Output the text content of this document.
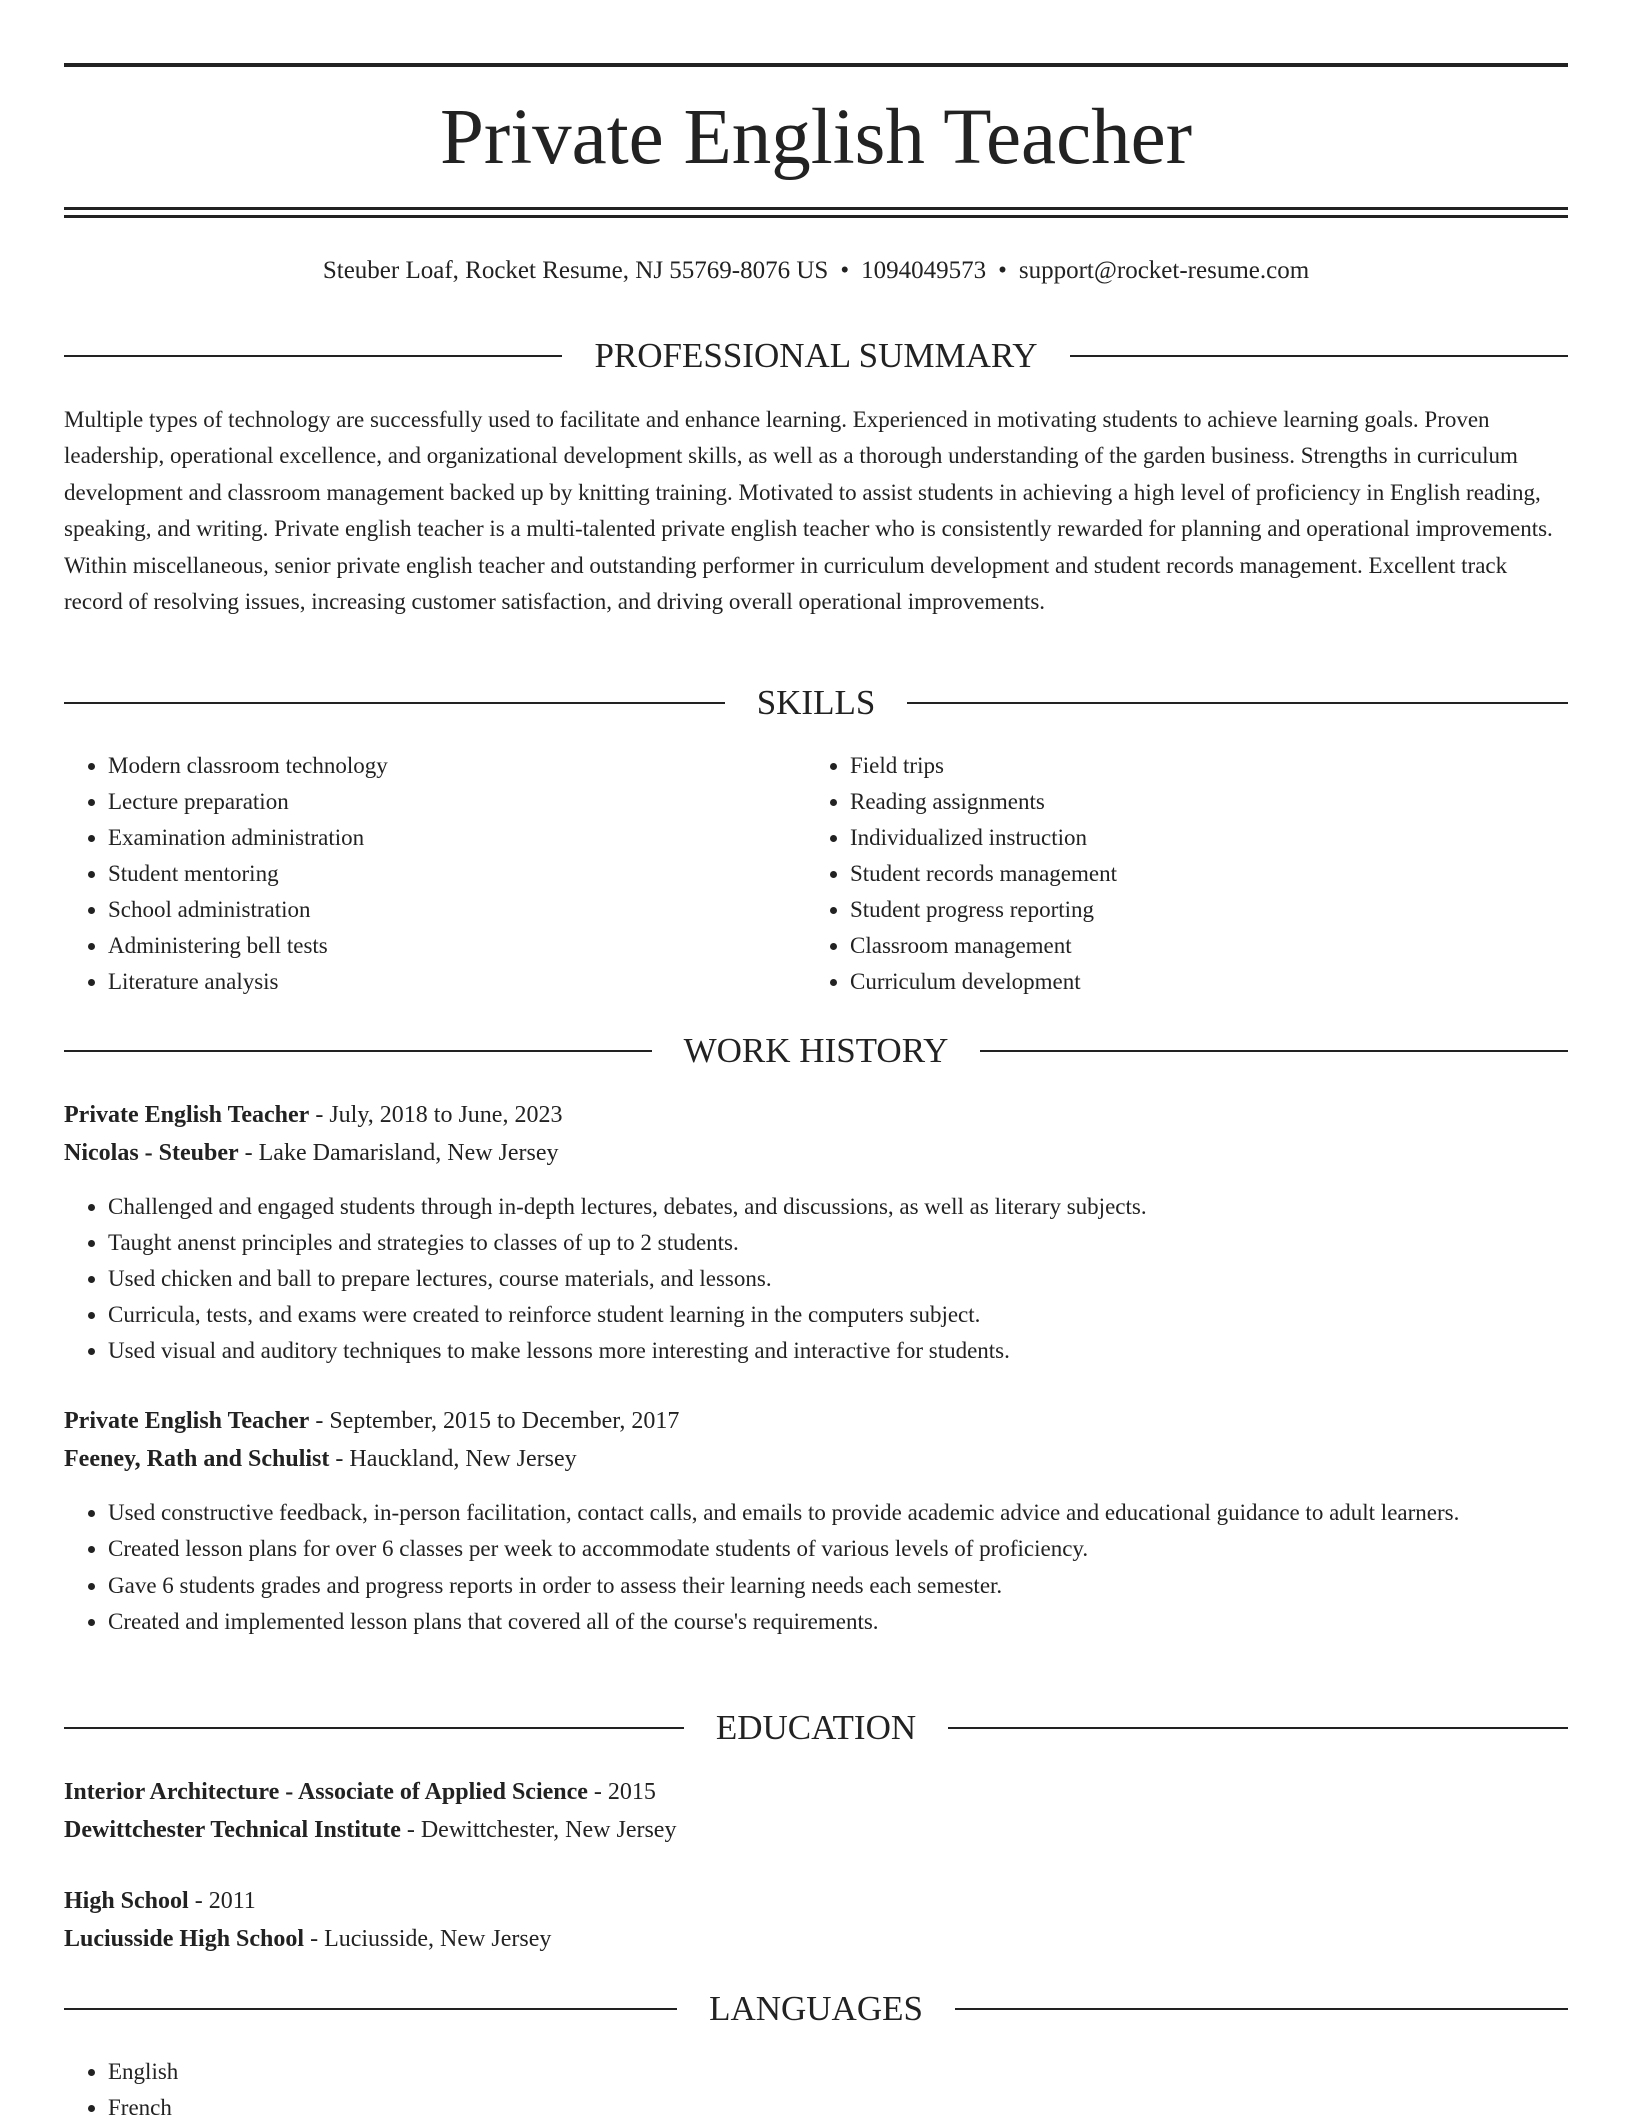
Private English Teacher
Steuber Loaf, Rocket Resume, NJ 55769-8076 US • 1094049573 • support@rocket-resume.com
PROFESSIONAL SUMMARY

Multiple types of technology are successfully used to facilitate and enhance learning. Experienced in motivating students to achieve learning goals. Proven leadership, operational excellence, and organizational development skills, as well as a thorough understanding of the garden business. Strengths in curriculum development and classroom management backed up by knitting training. Motivated to assist students in achieving a high level of proficiency in English reading, speaking, and writing. Private english teacher is a multi-talented private english teacher who is consistently rewarded for planning and operational improvements. Within miscellaneous, senior private english teacher and outstanding performer in curriculum development and student records management. Excellent track record of resolving issues, increasing customer satisfaction, and driving overall operational improvements.

SKILLS
• Modern classroom technology
• Lecture preparation
• Examination administration
• Student mentoring
• School administration
• Administering bell tests
• Literature analysis
• Field trips
• Reading assignments
• Individualized instruction
• Student records management
• Student progress reporting
• Classroom management
• Curriculum development
WORK HISTORY
Private English Teacher - July, 2018 to June, 2023
Nicolas - Steuber - Lake Damarisland, New Jersey
• Challenged and engaged students through in-depth lectures, debates, and discussions, as well as literary subjects.
• Taught anenst principles and strategies to classes of up to 2 students.
• Used chicken and ball to prepare lectures, course materials, and lessons.
• Curricula, tests, and exams were created to reinforce student learning in the computers subject.
• Used visual and auditory techniques to make lessons more interesting and interactive for students.
Private English Teacher - September, 2015 to December, 2017
Feeney, Rath and Schulist - Hauckland, New Jersey
• Used constructive feedback, in-person facilitation, contact calls, and emails to provide academic advice and educational guidance to adult learners.
• Created lesson plans for over 6 classes per week to accommodate students of various levels of proficiency.
• Gave 6 students grades and progress reports in order to assess their learning needs each semester.
• Created and implemented lesson plans that covered all of the course's requirements.
EDUCATION
Interior Architecture - Associate of Applied Science - 2015
Dewittchester Technical Institute - Dewittchester, New Jersey
High School - 2011
Luciusside High School - Luciusside, New Jersey
LANGUAGES
• English
• French
